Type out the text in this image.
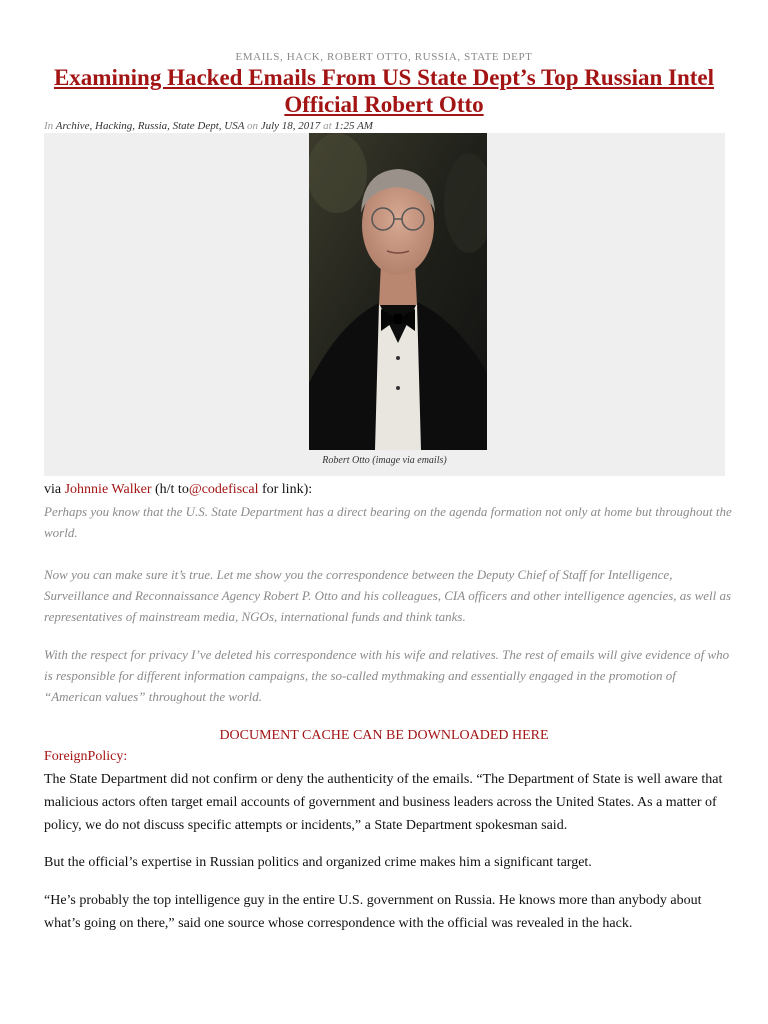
EMAILS, HACK, ROBERT OTTO, RUSSIA, STATE DEPT
Examining Hacked Emails From US State Dept’s Top Russian Intel Official Robert Otto
In Archive, Hacking, Russia, State Dept, USA on July 18, 2017 at 1:25 AM
Robert Otto (image via emails)
via Johnnie Walker (h/t to@codefiscal for link):

Perhaps you know that the U.S. State Department has a direct bearing on the agenda formation not only at home but throughout the world.

Now you can make sure it’s true. Let me show you the correspondence between the Deputy Chief of Staff for Intelligence, Surveillance and Reconnaissance Agency Robert P. Otto and his colleagues, CIA officers and other intelligence agencies, as well as representatives of mainstream media, NGOs, international funds and think tanks.

With the respect for privacy I’ve deleted his correspondence with his wife and relatives. The rest of emails will give evidence of who is responsible for different information campaigns, the so-called mythmaking and essentially engaged in the promotion of “American values” throughout the world.

DOCUMENT CACHE CAN BE DOWNLOADED HERE
ForeignPolicy:

The State Department did not confirm or deny the authenticity of the emails. “The Department of State is well aware that malicious actors often target email accounts of government and business leaders across the United States. As a matter of policy, we do not discuss specific attempts or incidents,” a State Department spokesman said.

But the official’s expertise in Russian politics and organized crime makes him a significant target.

“He’s probably the top intelligence guy in the entire U.S. government on Russia. He knows more than anybody about what’s going on there,” said one source whose correspondence with the official was revealed in the hack.
